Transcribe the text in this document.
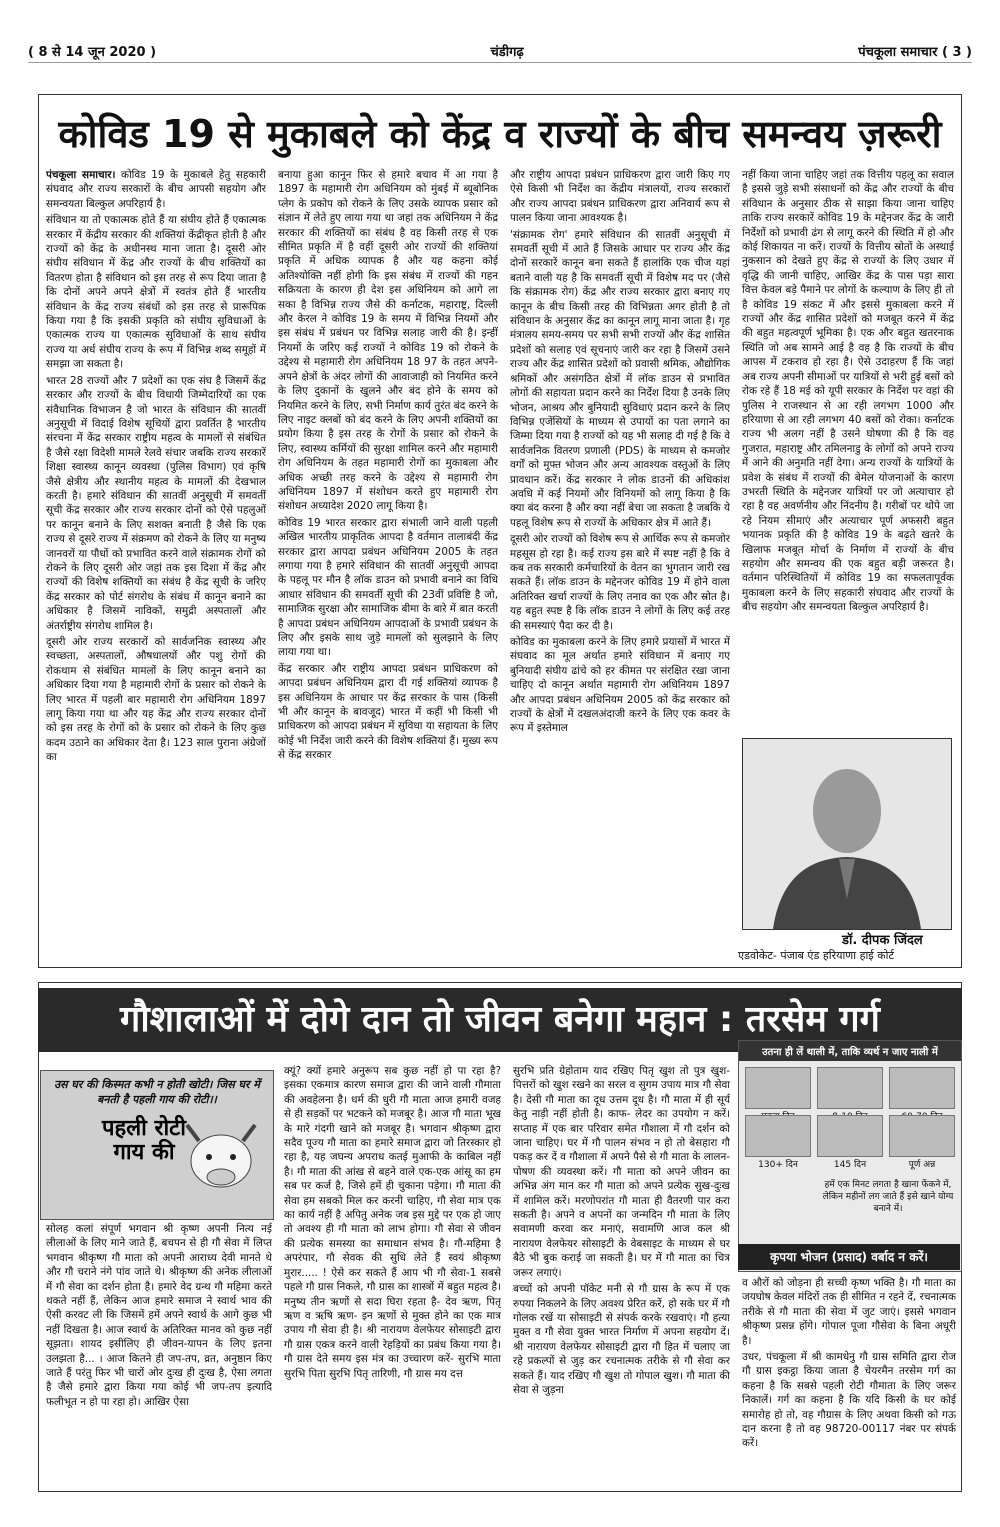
( 8 से 14 जून 2020 )	चंडीगढ़	पंचकूला समाचार ( 3 )
कोविड 19 से मुकाबले को केंद्र व राज्यों के बीच समन्वय ज़रूरी

पंचकूला समाचार। कोविड 19 के मुकाबले हेतु सहकारी संघवाद और राज्य सरकारों के बीच आपसी सहयोग और समन्वयता बिल्कुल अपरिहार्य है।

संविधान या तो एकात्मक होते हैं या संघीय होते हैं एकात्मक सरकार में केंद्रीय सरकार की शक्तियां केंद्रीकृत होती है और राज्यों को केंद्र के अधीनस्थ माना जाता है। दूसरी ओर संघीय संविधान में केंद्र और राज्यों के बीच शक्तियों का वितरण होता है संविधान को इस तरह से रूप दिया जाता है कि दोनों अपने अपने क्षेत्रों में स्वतंत्र होते हैं भारतीय संविधान के केंद्र राज्य संबंधों को इस तरह से प्रारूपिक किया गया है कि इसकी प्रकृति को संघीय सुविधाओं के एकात्मक राज्य या एकात्मक सुविधाओं के साथ संघीय राज्य या अर्ध संघीय राज्य के रूप में विभिन्न शब्द समूहों में समझा जा सकता है।

भारत 28 राज्यों और 7 प्रदेशों का एक संघ है जिसमें केंद्र सरकार और राज्यों के बीच विधायी जिम्मेदारियों का एक संवैधानिक विभाजन है जो भारत के संविधान की सातवीं अनुसूची में विदाई विशेष सूचियों द्वारा प्रवर्तित है भारतीय संरचना में केंद्र सरकार राष्ट्रीय महत्व के मामलों से संबंधित है जैसे रक्षा विदेशी मामले रेलवे संचार जबकि राज्य सरकारें शिक्षा स्वास्थ्य कानून व्यवस्था (पुलिस विभाग) एवं कृषि जैसे क्षेत्रीय और स्थानीय महत्व के मामलों की देखभाल करती है। हमारे संविधान की सातवीं अनुसूची में समवर्ती सूची केंद्र सरकार और राज्य सरकार दोनों को ऐसे पहलुओं पर कानून बनाने के लिए सशक्त बनाती है जैसे कि एक राज्य से दूसरे राज्य में संक्रमण को रोकने के लिए या मनुष्य जानवरों या पौधों को प्रभावित करने वाले संक्रामक रोगों को रोकने के लिए दूसरी ओर जहां तक इस दिशा में केंद्र और राज्यों की विशेष शक्तियों का संबंध है केंद्र सूची के जरिए केंद्र सरकार को पोर्ट संगरोध के संबंध में कानून बनाने का अधिकार है जिसमें नाविकों, समुद्री अस्पतालों और अंतर्राष्ट्रीय संगरोध शामिल है।

दूसरी ओर राज्य सरकारों को सार्वजनिक स्वास्थ्य और स्वच्छता, अस्पतालों, औषधालयों और पशु रोगों की रोकथाम से संबंधित मामलों के लिए कानून बनाने का अधिकार दिया गया है महामारी रोगों के प्रसार को रोकने के लिए भारत में पहली बार महामारी रोग अधिनियम 1897 लागू किया गया था और यह केंद्र और राज्य सरकार दोनों को इस तरह के रोगों को के प्रसार को रोकने के लिए कुछ कदम उठाने का अधिकार देता है। 123 साल पुराना अंग्रेजों का

बनाया हुआ कानून फिर से हमारे बचाव में आ गया है 1897 के महामारी रोग अधिनियम को मुंबई में ब्यूबोनिक प्लेग के प्रकोप को रोकने के लिए उसके व्यापक प्रसार को संज्ञान में लेते हुए लाया गया था जहां तक अधिनियम ने केंद्र सरकार की शक्तियों का संबंध है वह किसी तरह से एक सीमित प्रकृति में है वहीं दूसरी ओर राज्यों की शक्तियां प्रकृति में अधिक व्यापक है और यह कहना कोई अतिश्योक्ति नहीं होगी कि इस संबंध में राज्यों की गहन सक्रियता के कारण ही देश इस अधिनियम को आगे ला सका है विभिन्न राज्य जैसे की कर्नाटक, महाराष्ट्र, दिल्ली और केरल ने कोविड 19 के समय में विभिन्न नियमों और इस संबंध में प्रबंधन पर विभिन्न सलाह जारी की है। इन्हीं नियमों के जरिए कई राज्यों ने कोविड 19 को रोकने के उद्देश्य से महामारी रोग अधिनियम 18 97 के तहत अपने-अपने क्षेत्रों के अंदर लोगों की आवाजाही को नियमित करने के लिए दुकानों के खुलने और बंद होने के समय को नियमित करने के लिए, सभी निर्माण कार्य तुरंत बंद करने के लिए नाइट क्लबों को बंद करने के लिए अपनी शक्तियों का प्रयोग किया है इस तरह के रोगों के प्रसार को रोकने के लिए, स्वास्थ्य कर्मियों की सुरक्षा शामिल करने और महामारी रोग अधिनियम के तहत महामारी रोगों का मुकाबला और अधिक अच्छी तरह करने के उद्देश्य से महामारी रोग अधिनियम 1897 में संशोधन करते हुए महामारी रोग संशोधन अध्यादेश 2020 लागू किया है।

कोविड 19 भारत सरकार द्वारा संभाली जाने वाली पहली अखिल भारतीय प्राकृतिक आपदा है वर्तमान तालाबंदी केंद्र सरकार द्वारा आपदा प्रबंधन अधिनियम 2005 के तहत लगाया गया है हमारे संविधान की सातवीं अनुसूची आपदा के पहलू पर मौन है लॉक डाउन को प्रभावी बनाने का विधि आधार संविधान की समवर्ती सूची की 23वीं प्रविष्टि है जो, सामाजिक सुरक्षा और सामाजिक बीमा के बारे में बात करती है आपदा प्रबंधन अधिनियम आपदाओं के प्रभावी प्रबंधन के लिए और इसके साथ जुड़े मामलों को सुलझाने के लिए लाया गया था।

केंद्र सरकार और राष्ट्रीय आपदा प्रबंधन प्राधिकरण को आपदा प्रबंधन अधिनियम द्वारा दी गई शक्तियां व्यापक है इस अधिनियम के आधार पर केंद्र सरकार के पास (किसी भी और कानून के बावजूद) भारत में कहीं भी किसी भी प्राधिकरण को आपदा प्रबंधन में सुविधा या सहायता के लिए कोई भी निर्देश जारी करने की विशेष शक्तियां हैं। मुख्य रूप से केंद्र सरकार

और राष्ट्रीय आपदा प्रबंधन प्राधिकरण द्वारा जारी किए गए ऐसे किसी भी निर्देश का केंद्रीय मंत्रालयों, राज्य सरकारों और राज्य आपदा प्रबंधन प्राधिकरण द्वारा अनिवार्य रूप से पालन किया जाना आवश्यक है।

'संक्रामक रोग' हमारे संविधान की सातवीं अनुसूची में समवर्ती सूची में आते हैं जिसके आधार पर राज्य और केंद्र दोनों सरकारें कानून बना सकते हैं हालांकि एक चीज यहां बताने वाली यह है कि समवर्ती सूची में विशेष मद पर (जैसे कि संक्रामक रोग) केंद्र और राज्य सरकार द्वारा बनाए गए कानून के बीच किसी तरह की विभिन्नता अगर होती है तो संविधान के अनुसार केंद्र का कानून लागू माना जाता है। गृह मंत्रालय समय-समय पर सभी सभी राज्यों और केंद्र शासित प्रदेशों को सलाह एवं सूचनाएं जारी कर रहा है जिसमें उसने राज्य और केंद्र शासित प्रदेशों को प्रवासी श्रमिक, औद्योगिक श्रमिकों और असंगठित क्षेत्रों में लॉक डाउन से प्रभावित लोगों की सहायता प्रदान करने का निर्देश दिया है उनके लिए भोजन, आश्रय और बुनियादी सुविधाएं प्रदान करने के लिए विभिन्न एजेंसियों के माध्यम से उपायों का पता लगाने का जिम्मा दिया गया है राज्यों को यह भी सलाह दी गई है कि वे सार्वजनिक वितरण प्रणाली (PDS) के माध्यम से कमजोर वर्गों को मुफ्त भोजन और अन्य आवश्यक वस्तुओं के लिए प्रावधान करें। केंद्र सरकार ने लोक डाउनों की अधिकांश अवधि में कई नियमों और विनियमों को लागू किया है कि क्या बंद करना है और क्या नहीं बेचा जा सकता है जबकि ये पहलू विशेष रूप से राज्यों के अधिकार क्षेत्र में आते हैं।

दूसरी ओर राज्यों को विशेष रूप से आर्थिक रूप से कमजोर महसूस हो रहा है। कई राज्य इस बारे में स्पष्ट नहीं है कि वे कब तक सरकारी कर्मचारियों के वेतन का भुगतान जारी रख सकते हैं। लॉक डाउन के मद्देनजर कोविड 19 में होने वाला अतिरिक्त खर्चा राज्यों के लिए तनाव का एक और स्रोत है। यह बहुत स्पष्ट है कि लॉक डाउन ने लोगों के लिए कई तरह की समस्याएं पैदा कर दी है।

कोविड का मुकाबला करने के लिए हमारे प्रयासों में भारत में संघवाद का मूल अर्थात हमारे संविधान में बनाए गए बुनियादी संघीय ढांचे को हर कीमत पर संरक्षित रखा जाना चाहिए दो कानून अर्थात महामारी रोग अधिनियम 1897 और आपदा प्रबंधन अधिनियम 2005 को केंद्र सरकार को राज्यों के क्षेत्रों में दखलअंदाजी करने के लिए एक कवर के रूप में इस्तेमाल

नहीं किया जाना चाहिए जहां तक वित्तीय पहलू का सवाल है इससे जुड़े सभी संसाधनों को केंद्र और राज्यों के बीच संविधान के अनुसार ठीक से साझा किया जाना चाहिए ताकि राज्य सरकारें कोविड 19 के मद्देनजर केंद्र के जारी निर्देशों को प्रभावी ढंग से लागू करने की स्थिति में हो और कोई शिकायत ना करें। राज्यों के वित्तीय स्रोतों के अस्थाई नुकसान को देखते हुए केंद्र से राज्यों के लिए उधार में वृद्धि की जानी चाहिए, आखिर केंद्र के पास पड़ा सारा वित्त केवल बड़े पैमाने पर लोगों के कल्याण के लिए ही तो है कोविड 19 संकट में और इससे मुकाबला करने में राज्यों और केंद्र शासित प्रदेशों को मजबूत करने में केंद्र की बहुत महत्वपूर्ण भूमिका है। एक और बहुत खतरनाक स्थिति जो अब सामने आई है वह है कि राज्यों के बीच आपस में टकराव हो रहा है। ऐसे उदाहरण हैं कि जहां अब राज्य अपनी सीमाओं पर यात्रियों से भरी हुई बसों को रोक रहे हैं 18 मई को यूपी सरकार के निर्देश पर वहां की पुलिस ने राजस्थान से आ रही लगभग 1000 और हरियाणा से आ रही लगभग 40 बसों को रोका। कर्नाटक राज्य भी अलग नहीं है उसने घोषणा की है कि वह गुजरात, महाराष्ट्र और तमिलनाडु के लोगों को अपने राज्य में आने की अनुमति नहीं देगा। अन्य राज्यों के यात्रियों के प्रवेश के संबंध में राज्यों की बेमेल योजनाओं के कारण उभरती स्थिति के मद्देनजर यात्रियों पर जो अत्याचार हो रहा है वह अवर्णनीय और निंदनीय है। गरीबों पर थोपे जा रहे नियम सीमाएं और अत्याचार पूर्ण अफसरी बहुत भयानक प्रकृति की है कोविड 19 के बढ़ते खतरे के खिलाफ मजबूत मोर्चा के निर्माण में राज्यों के बीच सहयोग और समन्वय की एक बहुत बड़ी जरूरत है। वर्तमान परिस्थितियों में कोविड 19 का सफलतापूर्वक मुकाबला करने के लिए सहकारी संघवाद और राज्यों के बीच सहयोग और समन्वयता बिल्कुल अपरिहार्य है।

डॉ. दीपक जिंदल
एडवोकेट- पंजाब एंड हरियाणा हाई कोर्ट
गौशालाओं में दोगे दान तो जीवन बनेगा महान : तरसेम गर्ग
उस घर की किस्मत कभी न होती खोटी। जिस घर में बनती है पहली गाय की रोटी।।
पहली रोटी गाय की

सोलह कलां संपूर्ण भगवान श्री कृष्ण अपनी नित्य नई लीलाओं के लिए माने जाते हैं, बचपन से ही गौ सेवा में लिप्त भगवान श्रीकृष्ण गौ माता को अपनी आराध्य देवी मानते थे और गौ चराने नंगे पांव जाते थे। श्रीकृष्ण की अनेक लीलाओं में गौ सेवा का दर्शन होता है। हमारे वेद ग्रन्थ गौ महिमा करते थकते नहीं हैं, लेकिन आज हमारे समाज ने स्वार्थ भाव की ऐसी करवट ली कि जिसमें हमें अपने स्वार्थ के आगे कुछ भी नहीं दिखता है। आज स्वार्थ के अतिरिक्त मानव को कुछ नहीं सूझता। शायद इसीलिए ही जीवन-यापन के लिए इतना उलझता है... । आज कितने ही जप-तप, व्रत, अनुष्ठान किए जाते हैं परंतु फिर भी चारों ओर दुःख ही दुःख है, ऐसा लगता है जैसे हमारे द्वारा किया गया कोई भी जप-तप इत्यादि फलीभूत न हो पा रहा हो। आखिर ऐसा

क्यूं? क्यों हमारे अनुरूप सब कुछ नहीं हो पा रहा है? इसका एकमात्र कारण समाज द्वारा की जाने वाली गौमाता की अवहेलना है। धर्म की धुरी गौ माता आज हमारी वजह से ही सड़कों पर भटकने को मजबूर है। आज गौ माता भूख के मारे गंदगी खाने को मजबूर है। भगवान श्रीकृष्ण द्वारा सदैव पूज्य गौ माता का हमारे समाज द्वारा जो तिरस्कार हो रहा है, यह जघन्य अपराध कतई मुआफी के काबिल नहीं है। गौ माता की आंख से बहने वाले एक-एक आंसू का हम सब पर कर्ज है, जिसे हमें ही चुकाना पड़ेगा। गौ माता की सेवा हम सबको मिल कर करनी चाहिए, गौ सेवा मात्र एक का कार्य नहीं है अपितु अनेक जब इस मुद्दे पर एक हो जाए तो अवश्य ही गौ माता को लाभ होगा। गौ सेवा से जीवन की प्रत्येक समस्या का समाधान संभव है। गौ-महिमा है अपरंपार, गौ सेवक की सुधि लेते हैं स्वयं श्रीकृष्ण मुरार..... ! ऐसे कर सकते हैं आप भी गौ सेवा-1 सबसे पहले गौ ग्रास निकले, गौ ग्रास का शास्त्रों में बहुत महत्व है। मनुष्य तीन ऋणों से सदा घिरा रहता है- देव ऋण, पितृ ऋण व ऋषि ऋण- इन ऋणों से मुक्त होने का एक मात्र उपाय गौ सेवा ही है। श्री नारायण वेलफेयर सोसाइटी द्वारा गौ ग्रास एकत्र करने वाली रेहड़ियों का प्रबंध किया गया है। गौ ग्रास देते समय इस मंत्र का उच्चारण करें- सुरभि माता सुरभि पिता सुरभि पितृ तारिणी, गौ ग्रास मय दत्त

सुरभि प्रति ग्रेहोताम याद रखिए पितृ खुश तो पुत्र खुश- पित्तरों को खुश रखने का सरल व सुगम उपाय मात्र गौ सेवा है। देसी गौ माता का दूध उत्तम दूध है। गौ माता में ही सूर्य केतु नाड़ी नहीं होती है। काफ- लेदर का उपयोग न करें। सप्ताह में एक बार परिवार समेत गौशाला में गौ दर्शन को जाना चाहिए। घर में गौ पालन संभव न हो तो बेसहारा गौ पकड़ कर दें व गौशाला में अपने पैसे से गौ माता के लालन-पोषण की व्यवस्था करें। गौ माता को अपने जीवन का अभिन्न अंग मान कर गौ माता को अपने प्रत्येक सुख-दुःख में शामिल करें। मरणोपरांत गौ माता ही वैतरणी पार करा सकती है। अपने व अपनों का जन्मदिन गौ माता के लिए सवामणी करवा कर मनाएं, सवामणि आज कल श्री नारायण वेलफेयर सोसाइटी के वेबसाइट के माध्यम से घर बैठे भी बुक कराई जा सकती है। घर में गौ माता का चित्र जरूर लगाएं।

बच्चों को अपनी पॉकेट मनी से गौ ग्रास के रूप में एक रुपया निकलने के लिए अवश्य प्रेरित करें, हो सके घर में गौ गोलक रखें या सोसाइटी से संपर्क करके रखवाएं। गौ हत्या मुक्त व गौ सेवा युक्त भारत निर्माण में अपना सहयोग दें। श्री नारायण वेलफेयर सोसाइटी द्वारा गौ हित में चलाए जा रहे प्रकल्पों से जुड़ कर रचनात्मक तरीके से गौ सेवा कर सकते हैं। याद रखिए गौ खुश तो गोपाल खुश। गौ माता की सेवा से जुड़ना

उतना ही लें थाली में, ताकि व्यर्थ न जाए नाली में
130+ दिन	145 दिन	पूर्ण अन्न
हमें एक मिनट लगता है खाना फेंकने में, लेकिन महीनों लग जाते हैं इसे खाने योग्य बनाने में।
कृपया भोजन (प्रसाद) वर्बाद न करें।

व औरों को जोड़ना ही सच्ची कृष्ण भक्ति है। गौ माता का जयघोष केवल मंदिरों तक ही सीमित न रहने दें, रचनात्मक तरीके से गौ माता की सेवा में जुट जाएं। इससे भगवान श्रीकृष्ण प्रसन्न होंगे। गोपाल पूजा गौसेवा के बिना अधूरी है।

उधर, पंचकूला में श्री कामधेनु गौ ग्रास समिति द्वारा रोज गौ ग्रास इकट्ठा किया जाता है चेयरमैन तरसेम गर्ग का कहना है कि सबसे पहली रोटी गौमाता के लिए जरूर निकालें। गर्ग का कहना है कि यदि किसी के घर कोई समारोह हो तो, वह गौग्रास के लिए अथवा किसी को गऊ दान करना है तो वह 98720-00117 नंबर पर संपर्क करें।
